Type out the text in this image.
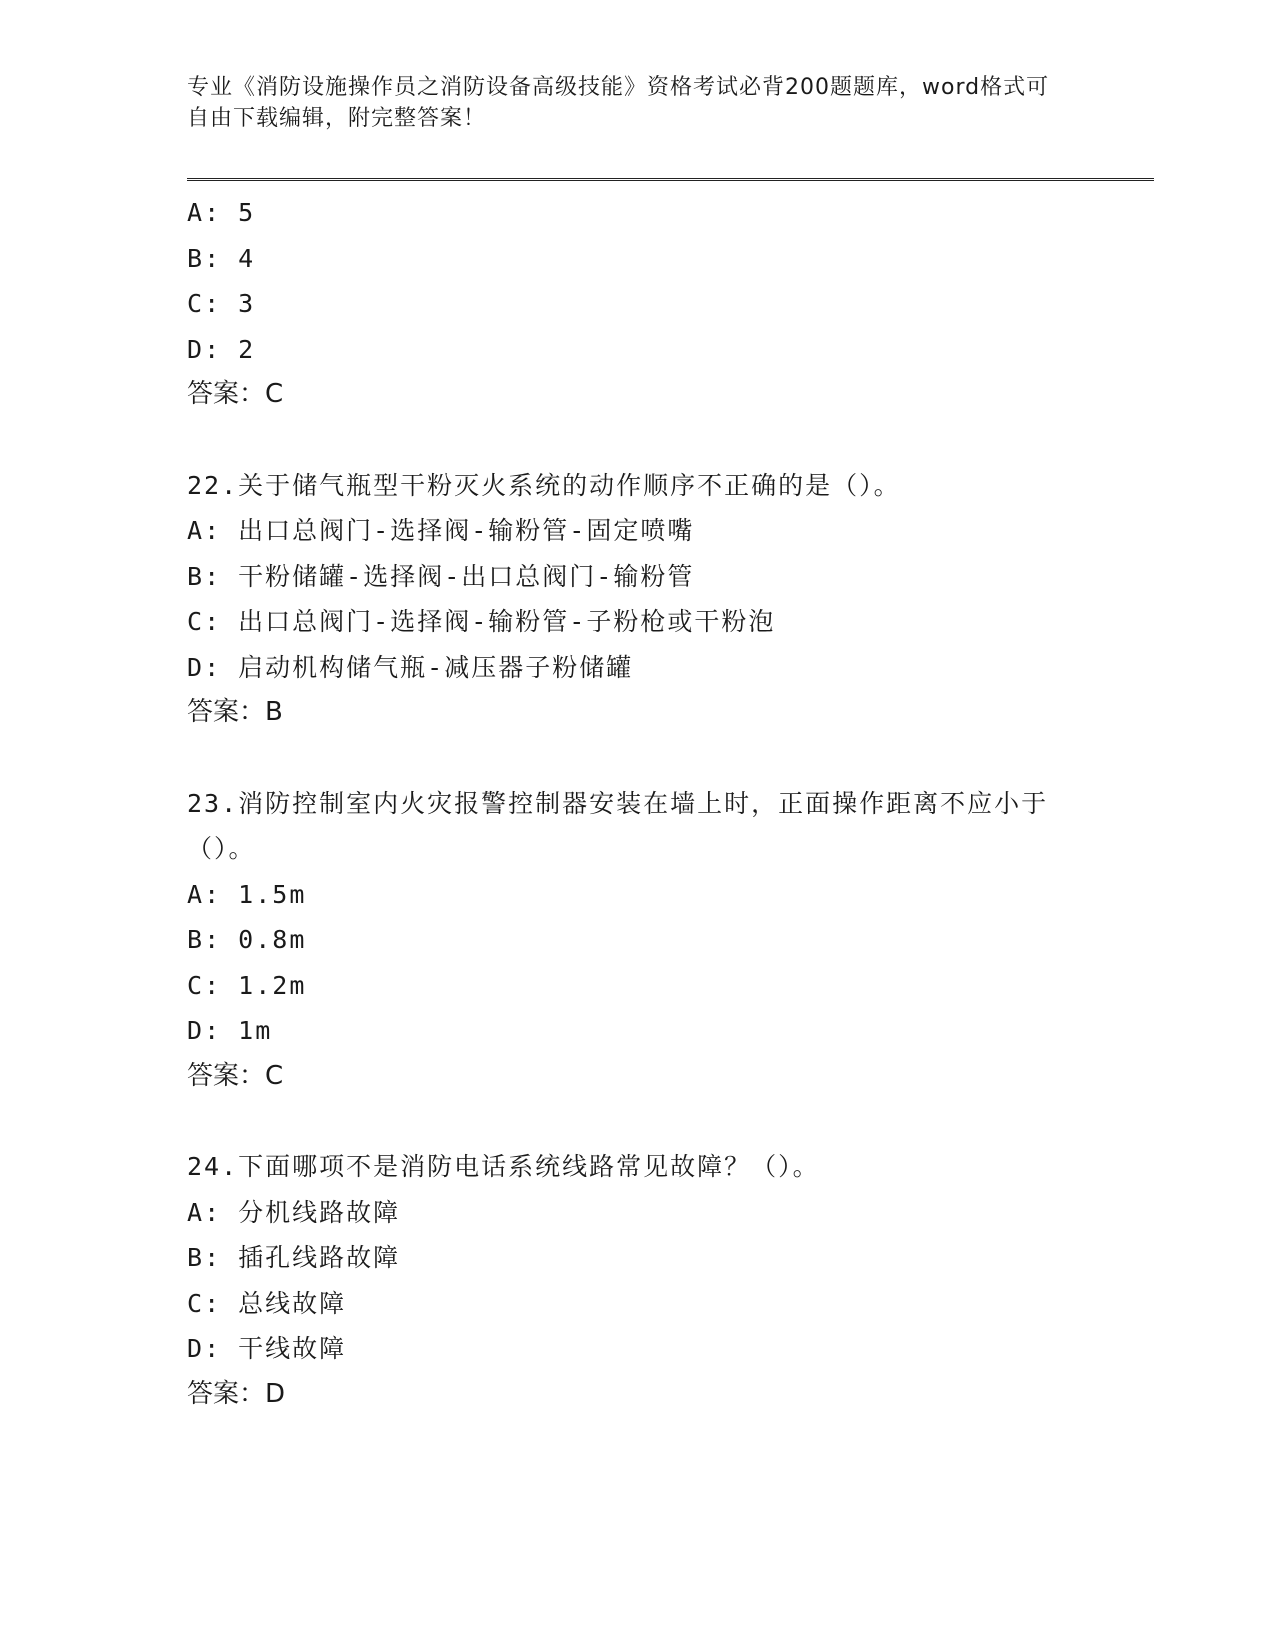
专业《消防设施操作员之消防设备高级技能》资格考试必背200题题库，word格式可自由下载编辑，附完整答案！
A: 5
B: 4
C: 3
D: 2
答案：C
22.关于储气瓶型干粉灭火系统的动作顺序不正确的是（）。
A: 出口总阀门-选择阀-输粉管-固定喷嘴
B: 干粉储罐-选择阀-出口总阀门-输粉管
C: 出口总阀门-选择阀-输粉管-子粉枪或干粉泡
D: 启动机构储气瓶-减压器子粉储罐
答案：B
23.消防控制室内火灾报警控制器安装在墙上时，正面操作距离不应小于（）。
A: 1.5m
B: 0.8m
C: 1.2m
D: 1m
答案：C
24.下面哪项不是消防电话系统线路常见故障？（）。
A: 分机线路故障
B: 插孔线路故障
C: 总线故障
D: 干线故障
答案：D
